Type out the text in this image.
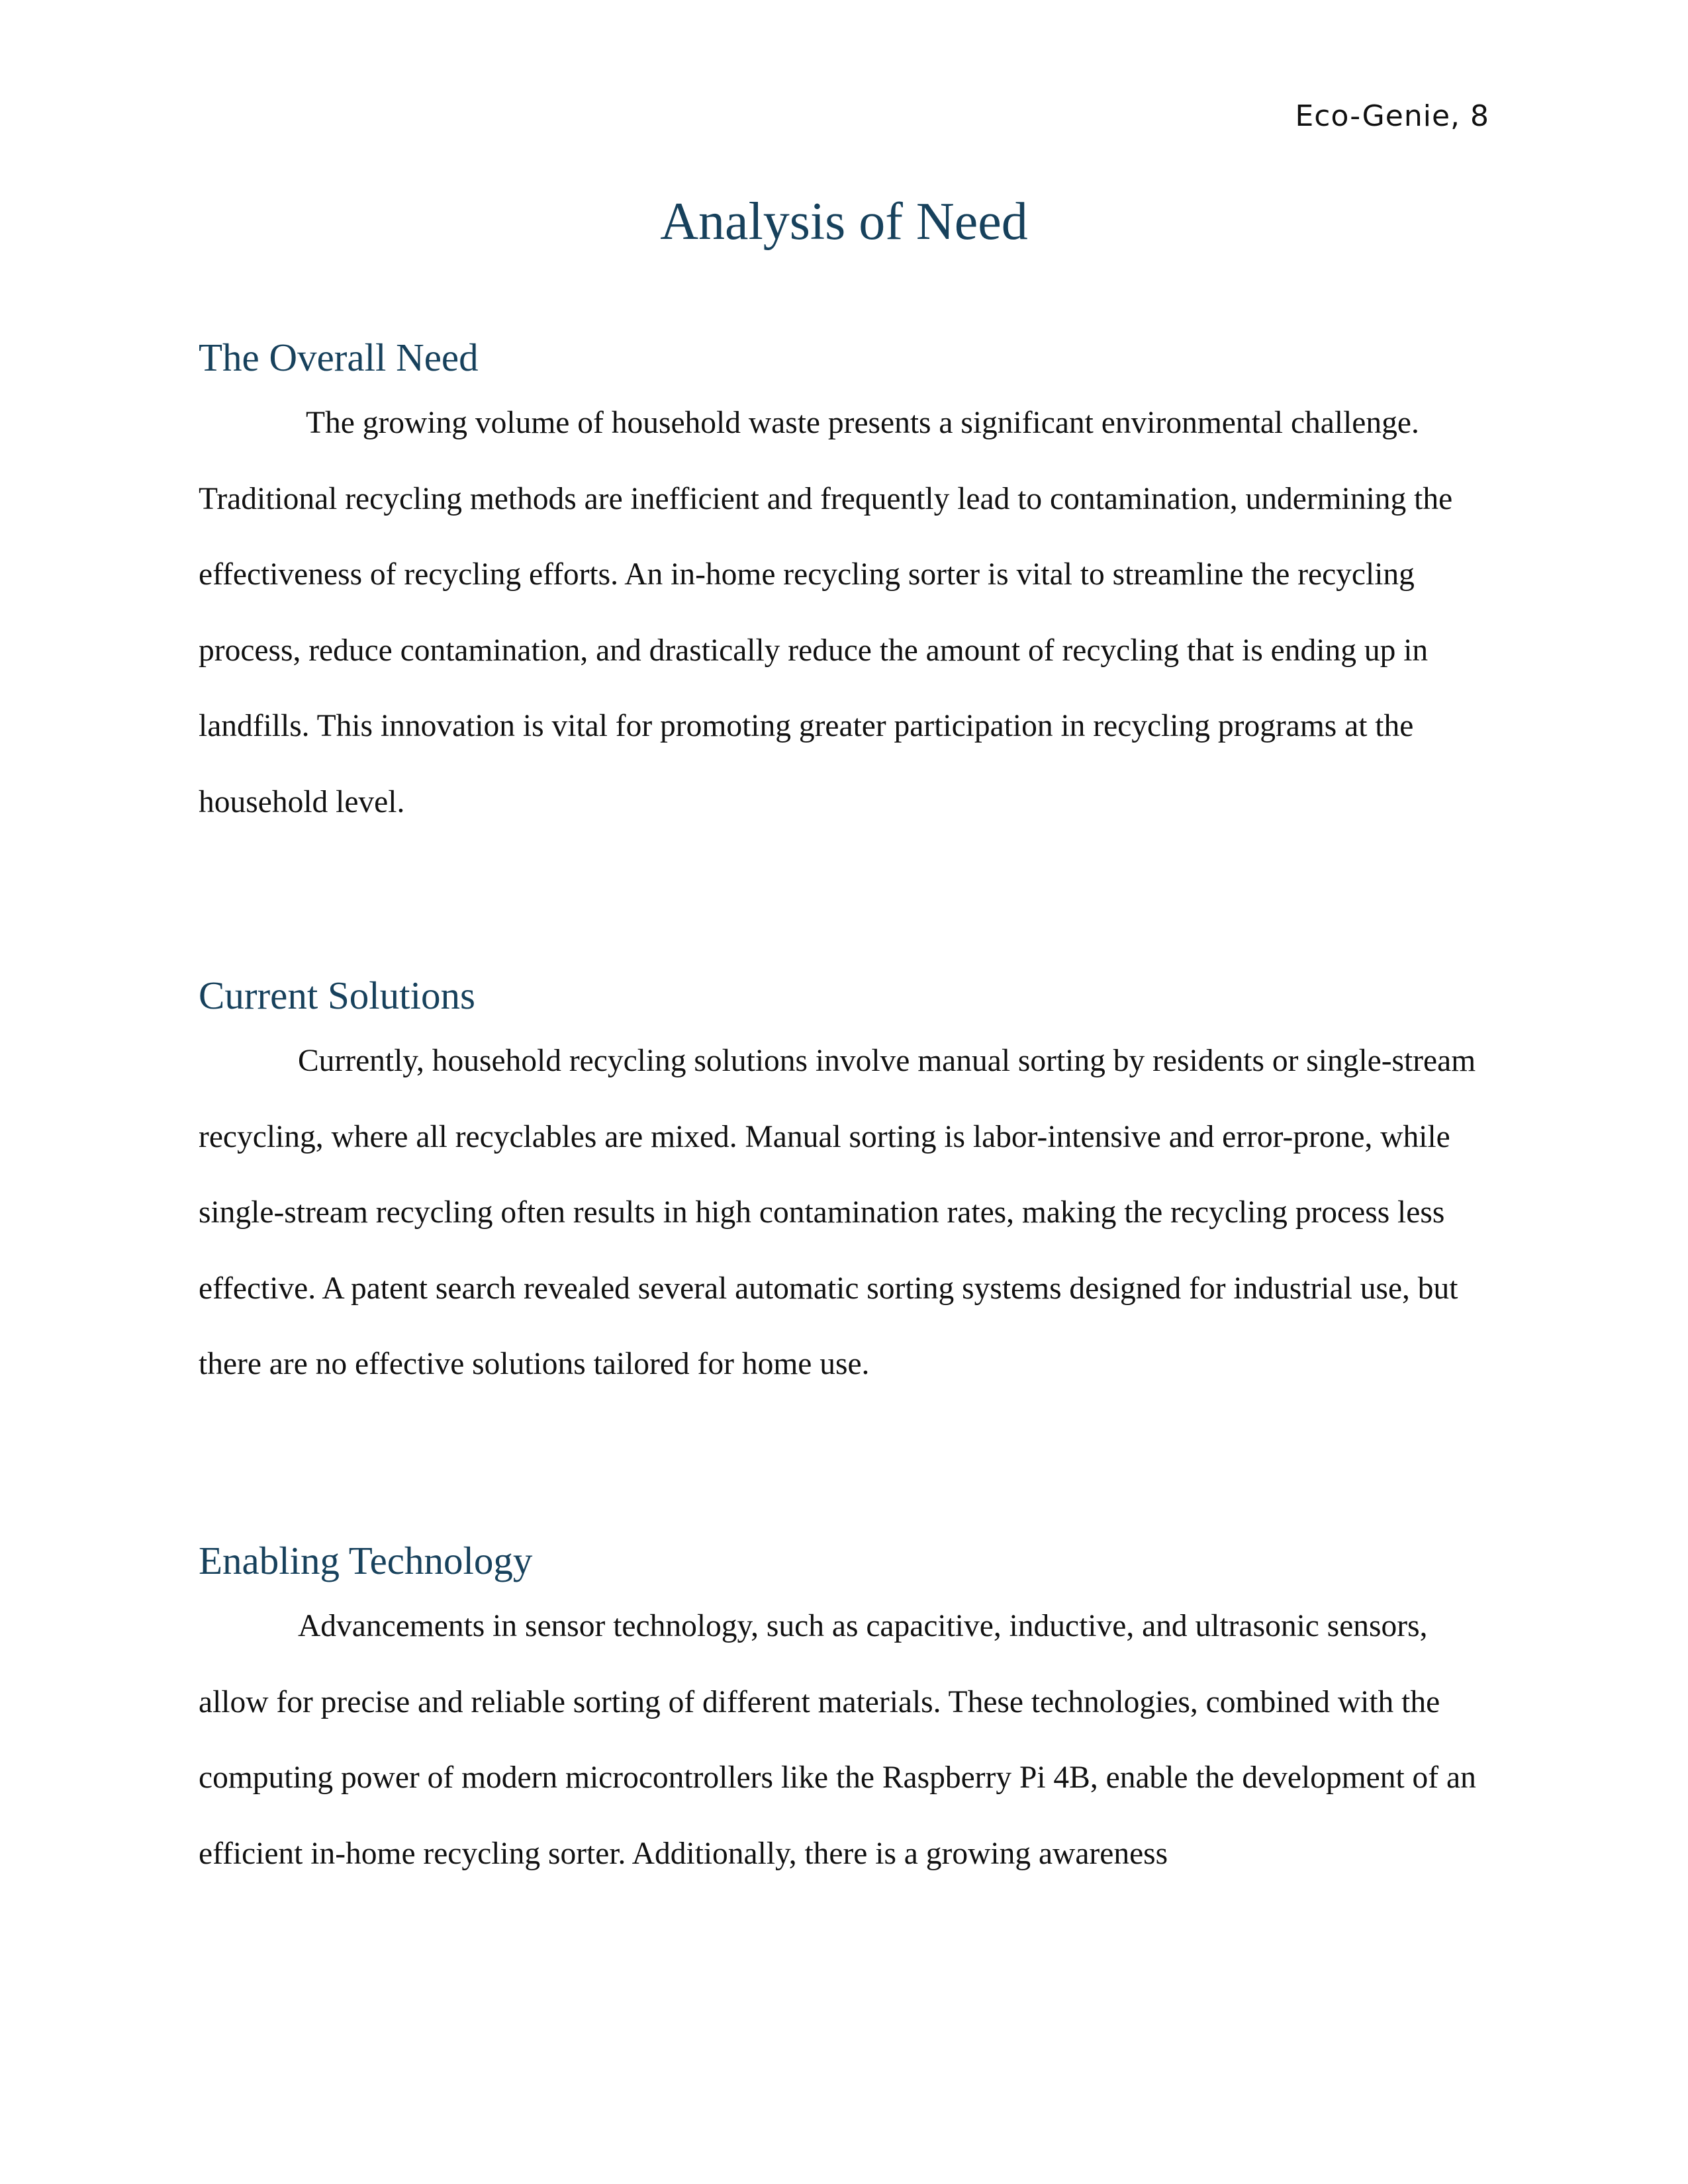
Eco-Genie, 8
Analysis of Need
The Overall Need

The growing volume of household waste presents a significant environmental challenge. Traditional recycling methods are inefficient and frequently lead to contamination, undermining the effectiveness of recycling efforts. An in-home recycling sorter is vital to streamline the recycling process, reduce contamination, and drastically reduce the amount of recycling that is ending up in landfills. This innovation is vital for promoting greater participation in recycling programs at the household level.

Current Solutions

Currently, household recycling solutions involve manual sorting by residents or single-stream recycling, where all recyclables are mixed. Manual sorting is labor-intensive and error-prone, while single-stream recycling often results in high contamination rates, making the recycling process less effective. A patent search revealed several automatic sorting systems designed for industrial use, but there are no effective solutions tailored for home use.

Enabling Technology

Advancements in sensor technology, such as capacitive, inductive, and ultrasonic sensors, allow for precise and reliable sorting of different materials. These technologies, combined with the computing power of modern microcontrollers like the Raspberry Pi 4B, enable the development of an efficient in-home recycling sorter. Additionally, there is a growing awareness
